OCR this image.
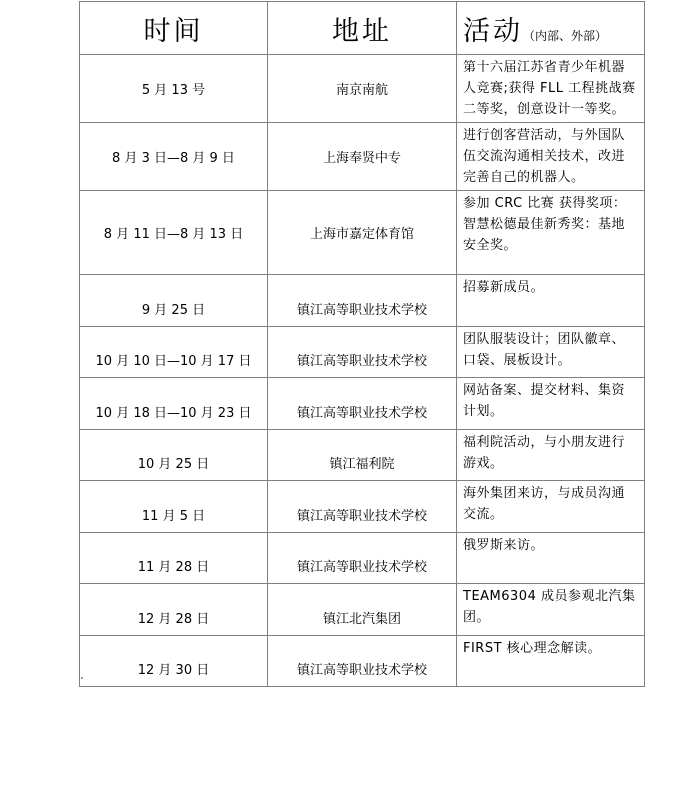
时间	地址	活动（内部、外部）
5 月 13 号	南京南航	第十六届江苏省青少年机器人竞赛;获得 FLL 工程挑战赛二等奖，创意设计一等奖。
8 月 3 日—8 月 9 日	上海奉贤中专	进行创客营活动，与外国队伍交流沟通相关技术，改进完善自己的机器人。
8 月 11 日—8 月 13 日	上海市嘉定体育馆	参加 CRC 比赛 获得奖项：智慧松德最佳新秀奖：基地安全奖。
9 月 25 日	镇江高等职业技术学校	招募新成员。
10 月 10 日—10 月 17 日	镇江高等职业技术学校	团队服装设计；团队徽章、口袋、展板设计。
10 月 18 日—10 月 23 日	镇江高等职业技术学校	网站备案、提交材料、集资计划。
10 月 25 日	镇江福利院	福利院活动，与小朋友进行游戏。
11 月 5 日	镇江高等职业技术学校	海外集团来访，与成员沟通交流。
11 月 28 日	镇江高等职业技术学校	俄罗斯来访。
12 月 28 日	镇江北汽集团	TEAM6304 成员参观北汽集团。
12 月 30 日	镇江高等职业技术学校	FIRST 核心理念解读。
